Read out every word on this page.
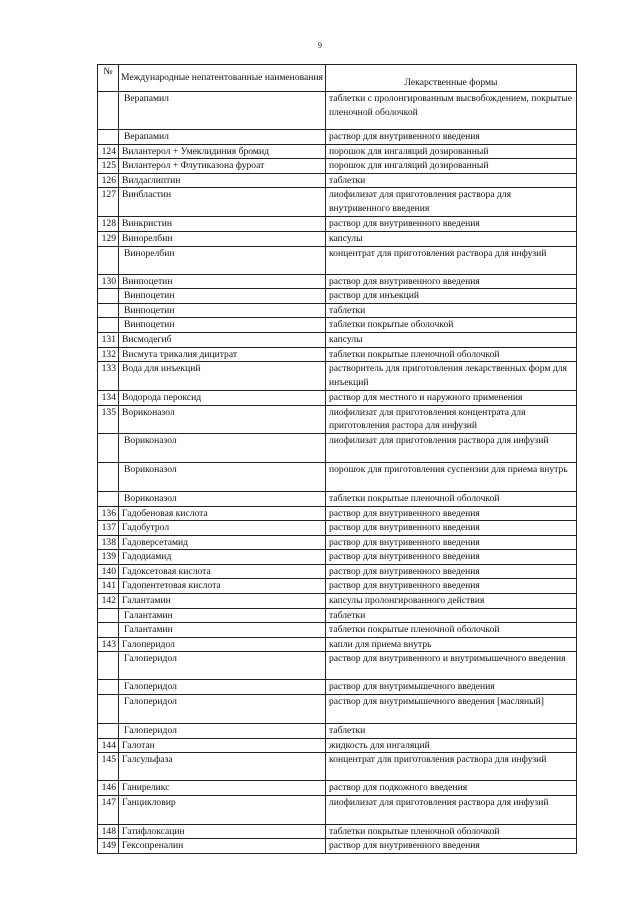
9
№	Международные непатентованные наименования	Лекарственные формы
	Верапамил	таблетки с пролонгированным высвобождением, покрытые пленочной оболочкой
	Верапамил	раствор для внутривенного введения
124	Вилантерол + Умеклидиния бромид	порошок для ингаляций дозированный
125	Вилантерол + Флутиказона фуроат	порошок для ингаляций дозированный
126	Вилдаглиптин	таблетки
127	Винбластин	лиофилизат для приготовления раствора для внутривенного введения
128	Винкристин	раствор для внутривенного введения
129	Винорелбин	капсулы
	Винорелбин	концентрат для приготовления раствора для инфузий
130	Винпоцетин	раствор для внутривенного введения
	Винпоцетин	раствор для инъекций
	Винпоцетин	таблетки
	Винпоцетин	таблетки покрытые оболочкой
131	Висмодегиб	капсулы
132	Висмута трикалия дицитрат	таблетки покрытые пленочной оболочкой
133	Вода для инъекций	растворитель для приготовления лекарственных форм для инъекций
134	Водорода пероксид	раствор для местного и наружного применения
135	Вориконазол	лиофилизат для приготовления концентрата для приготовления растора для инфузий
	Вориконазол	лиофилизат для приготовления раствора для инфузий
	Вориконазол	порошок для приготовления суспензии для приема внутрь
	Вориконазол	таблетки покрытые пленочной оболочкой
136	Гадобеновая кислота	раствор для внутривенного введения
137	Гадобутрол	раствор для внутривенного введения
138	Гадоверсетамид	раствор для внутривенного введения
139	Гадодиамид	раствор для внутривенного введения
140	Гадоксетовая кислота	раствор для внутривенного введения
141	Гадопентетовая кислота	раствор для внутривенного введения
142	Галантамин	капсулы пролонгированного действия
	Галантамин	таблетки
	Галантамин	таблетки покрытые пленочной оболочкой
143	Галоперидол	капли для приема внутрь
	Галоперидол	раствор для внутривенного и внутримышечного введения
	Галоперидол	раствор для внутримышечного введения
	Галоперидол	раствор для внутримышечного введения [масляный]
	Галоперидол	таблетки
144	Галотан	жидкость для ингаляций
145	Галсульфаза	концентрат для приготовления раствора для инфузий
146	Ганиреликс	раствор для подкожного введения
147	Ганцикловир	лиофилизат для приготовления раствора для инфузий
148	Гатифлоксацин	таблетки покрытые пленочной оболочкой
149	Гексопреналин	раствор для внутривенного введения
